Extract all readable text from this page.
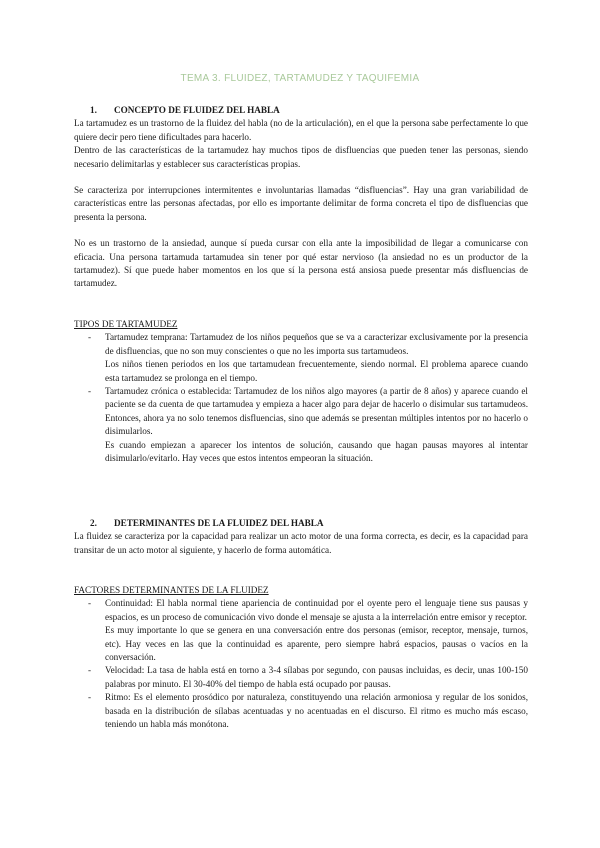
TEMA 3. FLUIDEZ, TARTAMUDEZ Y TAQUIFEMIA

1. CONCEPTO DE FLUIDEZ DEL HABLA

La tartamudez es un trastorno de la fluidez del habla (no de la articulación), en el que la persona sabe perfectamente lo que quiere decir pero tiene dificultades para hacerlo.

Dentro de las características de la tartamudez hay muchos tipos de disfluencias que pueden tener las personas, siendo necesario delimitarlas y establecer sus características propias.

Se caracteriza por interrupciones intermitentes e involuntarias llamadas “disfluencias”. Hay una gran variabilidad de características entre las personas afectadas, por ello es importante delimitar de forma concreta el tipo de disfluencias que presenta la persona.

No es un trastorno de la ansiedad, aunque sí pueda cursar con ella ante la imposibilidad de llegar a comunicarse con eficacia. Una persona tartamuda tartamudea sin tener por qué estar nervioso (la ansiedad no es un productor de la tartamudez). Sí que puede haber momentos en los que sí la persona está ansiosa puede presentar más disfluencias de tartamudez.

TIPOS DE TARTAMUDEZ

- Tartamudez temprana: Tartamudez de los niños pequeños que se va a caracterizar exclusivamente por la presencia de disfluencias, que no son muy conscientes o que no les importa sus tartamudeos.
Los niños tienen periodos en los que tartamudean frecuentemente, siendo normal. El problema aparece cuando esta tartamudez se prolonga en el tiempo.
- Tartamudez crónica o establecida: Tartamudez de los niños algo mayores (a partir de 8 años) y aparece cuando el paciente se da cuenta de que tartamudea y empieza a hacer algo para dejar de hacerlo o disimular sus tartamudeos. Entonces, ahora ya no solo tenemos disfluencias, sino que además se presentan múltiples intentos por no hacerlo o disimularlos.
Es cuando empiezan a aparecer los intentos de solución, causando que hagan pausas mayores al intentar disimularlo/evitarlo. Hay veces que estos intentos empeoran la situación.

2. DETERMINANTES DE LA FLUIDEZ DEL HABLA

La fluidez se caracteriza por la capacidad para realizar un acto motor de una forma correcta, es decir, es la capacidad para transitar de un acto motor al siguiente, y hacerlo de forma automática.

FACTORES DETERMINANTES DE LA FLUIDEZ

- Continuidad: El habla normal tiene apariencia de continuidad por el oyente pero el lenguaje tiene sus pausas y espacios, es un proceso de comunicación vivo donde el mensaje se ajusta a la interrelación entre emisor y receptor.
Es muy importante lo que se genera en una conversación entre dos personas (emisor, receptor, mensaje, turnos, etc). Hay veces en las que la continuidad es aparente, pero siempre habrá espacios, pausas o vacíos en la conversación.
- Velocidad: La tasa de habla está en torno a 3-4 sílabas por segundo, con pausas incluidas, es decir, unas 100-150 palabras por minuto. El 30-40% del tiempo de habla está ocupado por pausas.
- Ritmo: Es el elemento prosódico por naturaleza, constituyendo una relación armoniosa y regular de los sonidos, basada en la distribución de sílabas acentuadas y no acentuadas en el discurso. El ritmo es mucho más escaso, teniendo un habla más monótona.
